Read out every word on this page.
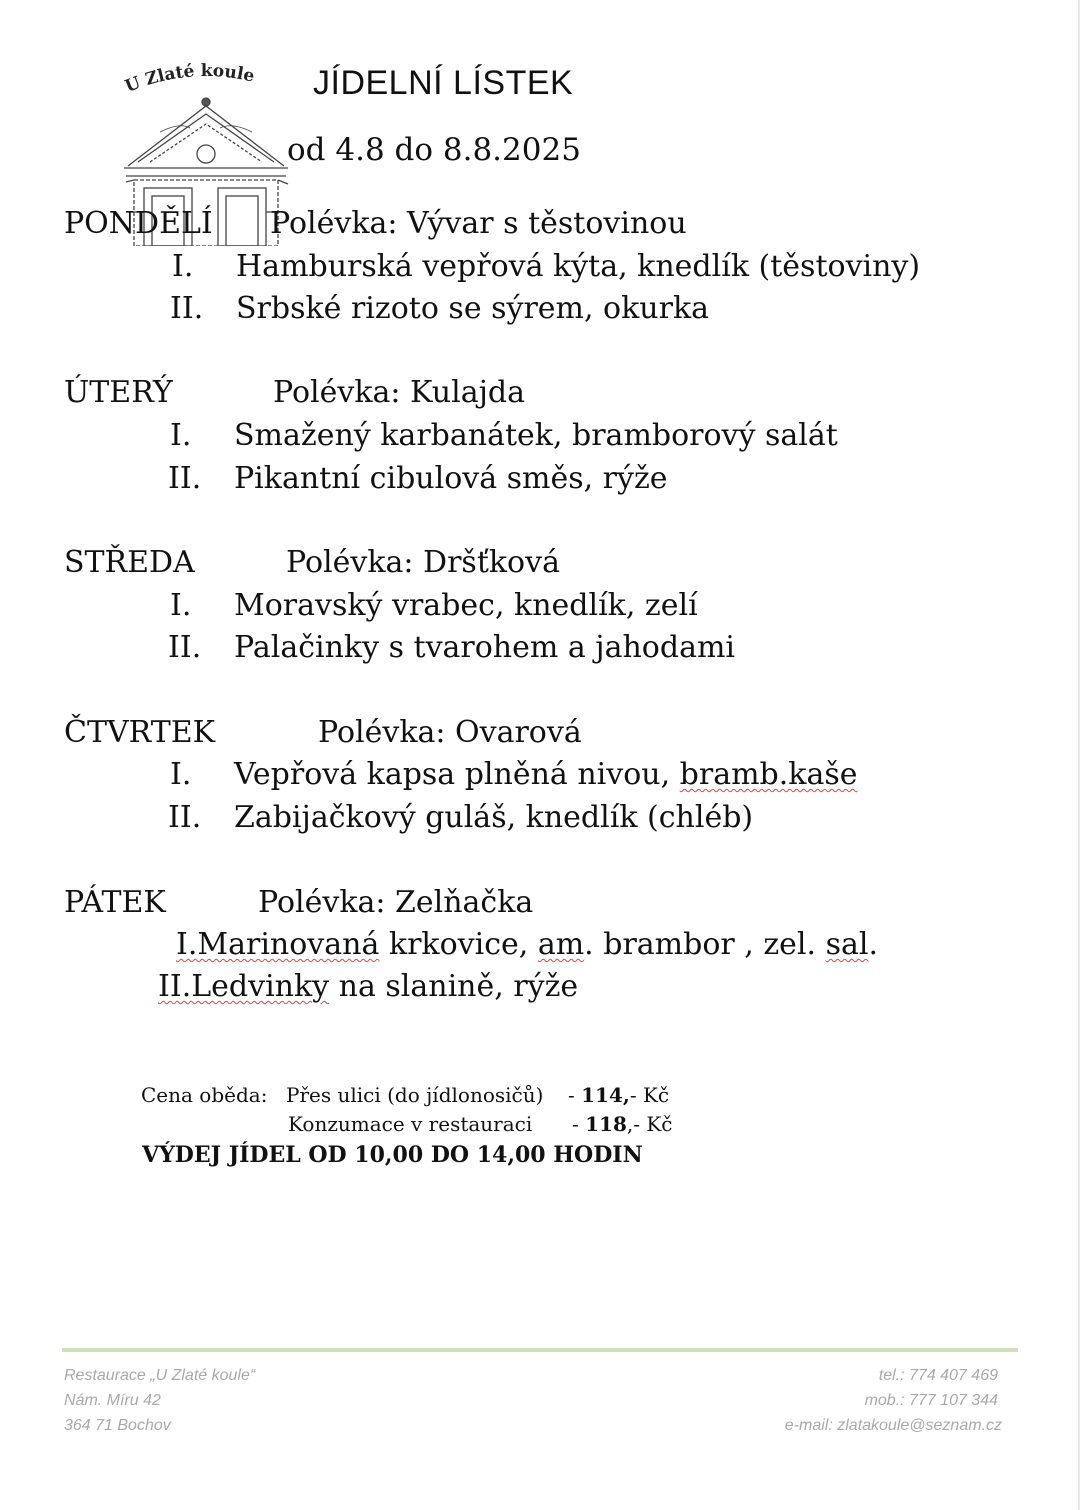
U Zlaté koule JÍDELNÍ LÍSTEK
od 4.8 do 8.8.2025
PONDĚLÍ Polévka: Vývar s těstovinou
I. Hamburská vepřová kýta, knedlík (těstoviny)
II. Srbské rizoto se sýrem, okurka
ÚTERÝ	Polévka: Kulajda
I. Smažený karbanátek, bramborový salát
II. Pikantní cibulová směs, rýže
STŘEDA	Polévka: Dršťková
I. Moravský vrabec, knedlík, zelí
II. Palačinky s tvarohem a jahodami
ČTVRTEK	Polévka: Ovarová
I. Vepřová kapsa plněná nivou, bramb.kaše
II. Zabijačkový guláš, knedlík (chléb)
PÁTEK	Polévka: Zelňačka
I.Marinovaná krkovice, am. brambor , zel. sal.
II.Ledvinky na slanině, rýže
Cena oběda: Přes ulici (do jídlonosičů) - 114,- Kč
Konzumace v restauraci - 118,- Kč
VÝDEJ JÍDEL OD 10,00 DO 14,00 HODIN
Restaurace „U Zlaté koule“
Nám. Míru 42
364 71 Bochov
tel.: 774 407 469
mob.: 777 107 344
e-mail: zlatakoule@seznam.cz
